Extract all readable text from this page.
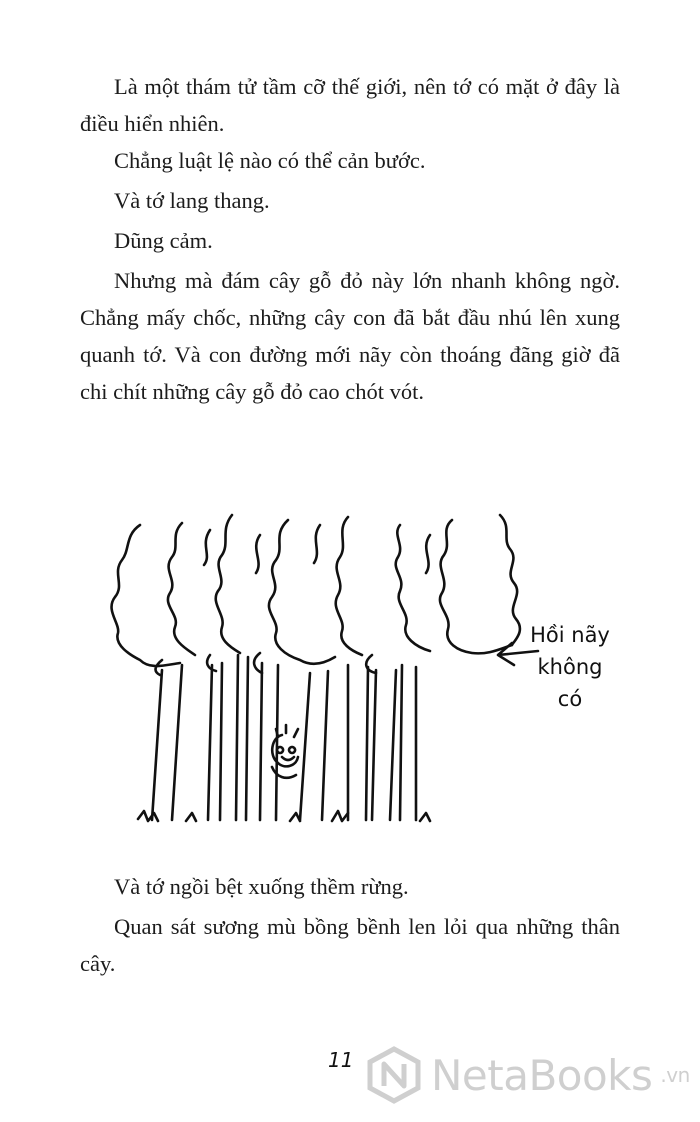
Là một thám tử tầm cỡ thế giới, nên tớ có mặt ở đây là điều hiển nhiên.

Chẳng luật lệ nào có thể cản bước.

Và tớ lang thang.

Dũng cảm.

Nhưng mà đám cây gỗ đỏ này lớn nhanh không ngờ. Chẳng mấy chốc, những cây con đã bắt đầu nhú lên xung quanh tớ. Và con đường mới nãy còn thoáng đãng giờ đã chi chít những cây gỗ đỏ cao chót vót.

Hồi nãy
không
có

Và tớ ngồi bệt xuống thềm rừng.

Quan sát sương mù bồng bềnh len lỏi qua những thân cây.

11 NetaBooks .vn
